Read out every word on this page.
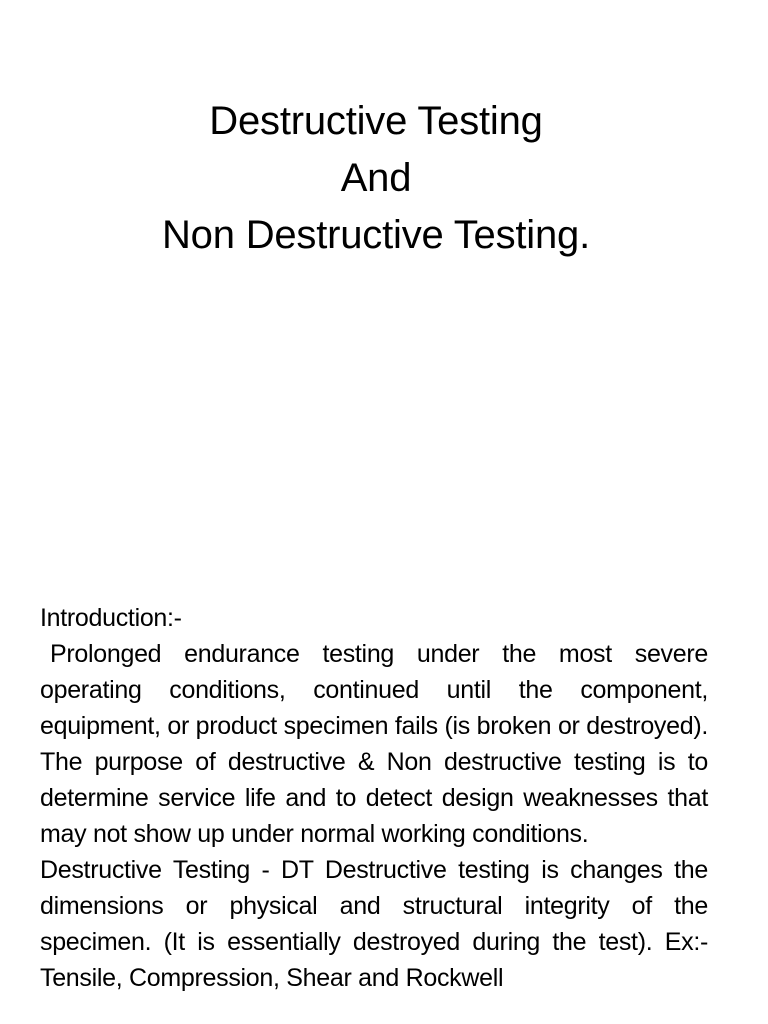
Destructive Testing
And
Non Destructive Testing.

Introduction:-

Prolonged endurance testing under the most severe operating conditions, continued until the component, equipment, or product specimen fails (is broken or destroyed). The purpose of destructive & Non destructive testing is to determine service life and to detect design weaknesses that may not show up under normal working conditions.

Destructive Testing - DT Destructive testing is changes the dimensions or physical and structural integrity of the specimen. (It is essentially destroyed during the test). Ex:- Tensile, Compression, Shear and Rockwell
